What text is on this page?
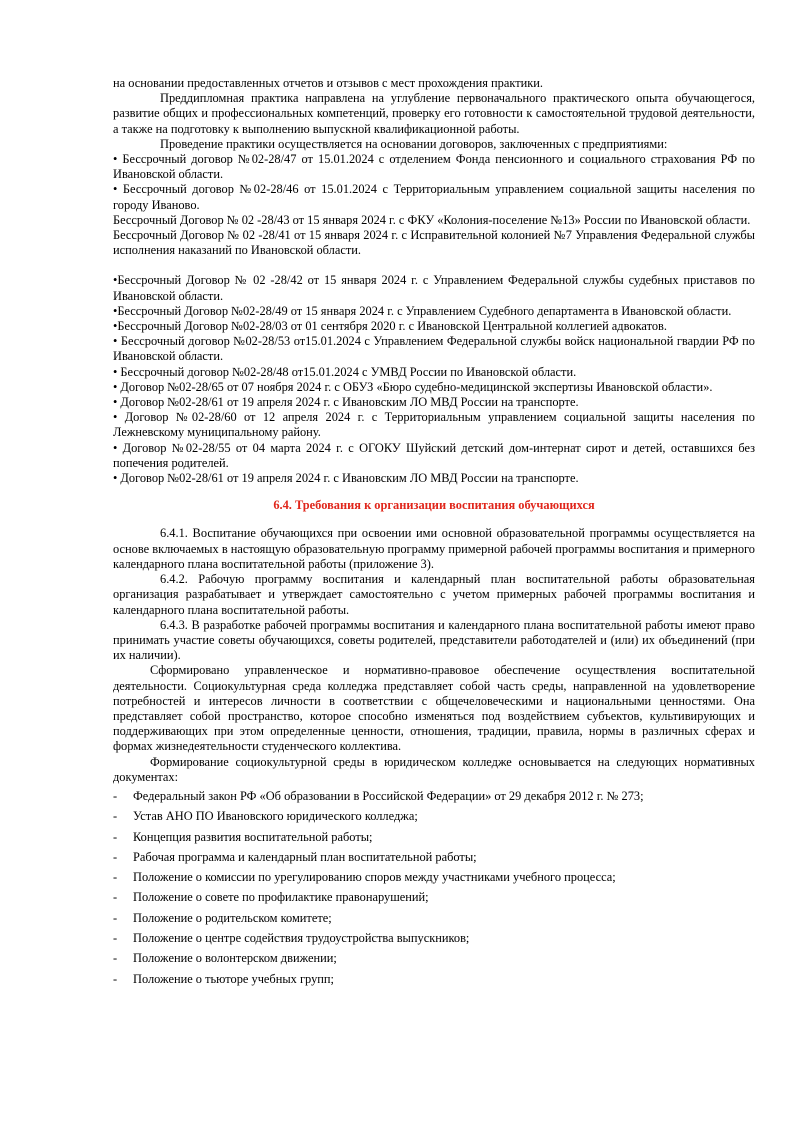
на основании предоставленных отчетов и отзывов с мест прохождения практики.

Преддипломная практика направлена на углубление первоначального практического опыта обучающегося, развитие общих и профессиональных компетенций, проверку его готовности к самостоятельной трудовой деятельности, а также на подготовку к выполнению выпускной квалификационной работы.

Проведение практики осуществляется на основании договоров, заключенных с предприятиями:

• Бессрочный договор №02-28/47 от 15.01.2024 с отделением Фонда пенсионного и социального страхования РФ по Ивановской области.

• Бессрочный договор №02-28/46 от 15.01.2024 с Территориальным управлением социальной защиты населения по городу Иваново.

Бессрочный Договор № 02 -28/43 от 15 января 2024 г. с ФКУ «Колония-поселение №13» России по Ивановской области.

Бессрочный Договор № 02 -28/41 от 15 января 2024 г. с Исправительной колонией №7 Управления Федеральной службы исполнения наказаний по Ивановской области.

•Бессрочный Договор № 02 -28/42 от 15 января 2024 г. с Управлением Федеральной службы судебных приставов по Ивановской области.

•Бессрочный Договор №02-28/49 от 15 января 2024 г. с Управлением Судебного департамента в Ивановской области.

•Бессрочный Договор №02-28/03 от 01 сентября 2020 г. с Ивановской Центральной коллегией адвокатов.

• Бессрочный договор №02-28/53 от15.01.2024 с Управлением Федеральной службы войск национальной гвардии РФ по Ивановской области.

• Бессрочный договор №02-28/48 от15.01.2024 с УМВД России по Ивановской области.

• Договор №02-28/65 от 07 ноября 2024 г. с ОБУЗ «Бюро судебно-медицинской экспертизы Ивановской области».

• Договор №02-28/61 от 19 апреля 2024 г. с Ивановским ЛО МВД России на транспорте.

• Договор №02-28/60 от 12 апреля 2024 г. с Территориальным управлением социальной защиты населения по Лежневскому муниципальному району.

• Договор №02-28/55 от 04 марта 2024 г. с ОГОКУ Шуйский детский дом-интернат сирот и детей, оставшихся без попечения родителей.

• Договор №02-28/61 от 19 апреля 2024 г. с Ивановским ЛО МВД России на транспорте.

6.4. Требования к организации воспитания обучающихся

6.4.1. Воспитание обучающихся при освоении ими основной образовательной программы осуществляется на основе включаемых в настоящую образовательную программу примерной рабочей программы воспитания и примерного календарного плана воспитательной работы (приложение 3).

6.4.2. Рабочую программу воспитания и календарный план воспитательной работы образовательная организация разрабатывает и утверждает самостоятельно с учетом примерных рабочей программы воспитания и календарного плана воспитательной работы.

6.4.3. В разработке рабочей программы воспитания и календарного плана воспитательной работы имеют право принимать участие советы обучающихся, советы родителей, представители работодателей и (или) их объединений (при их наличии).

Сформировано управленческое и нормативно-правовое обеспечение осуществления воспитательной деятельности. Социокультурная среда колледжа представляет собой часть среды, направленной на удовлетворение потребностей и интересов личности в соответствии с общечеловеческими и национальными ценностями. Она представляет собой пространство, которое способно изменяться под воздействием субъектов, культивирующих и поддерживающих при этом определенные ценности, отношения, традиции, правила, нормы в различных сферах и формах жизнедеятельности студенческого коллектива.

Формирование социокультурной среды в юридическом колледже основывается на следующих нормативных документах:

- Федеральный закон РФ «Об образовании в Российской Федерации» от 29 декабря 2012 г. № 273;
- Устав АНО ПО Ивановского юридического колледжа;
- Концепция развития воспитательной работы;
- Рабочая программа и календарный план воспитательной работы;
- Положение о комиссии по урегулированию споров между участниками учебного процесса;
- Положение о совете по профилактике правонарушений;
- Положение о родительском комитете;
- Положение о центре содействия трудоустройства выпускников;
- Положение о волонтерском движении;
- Положение о тьюторе учебных групп;
